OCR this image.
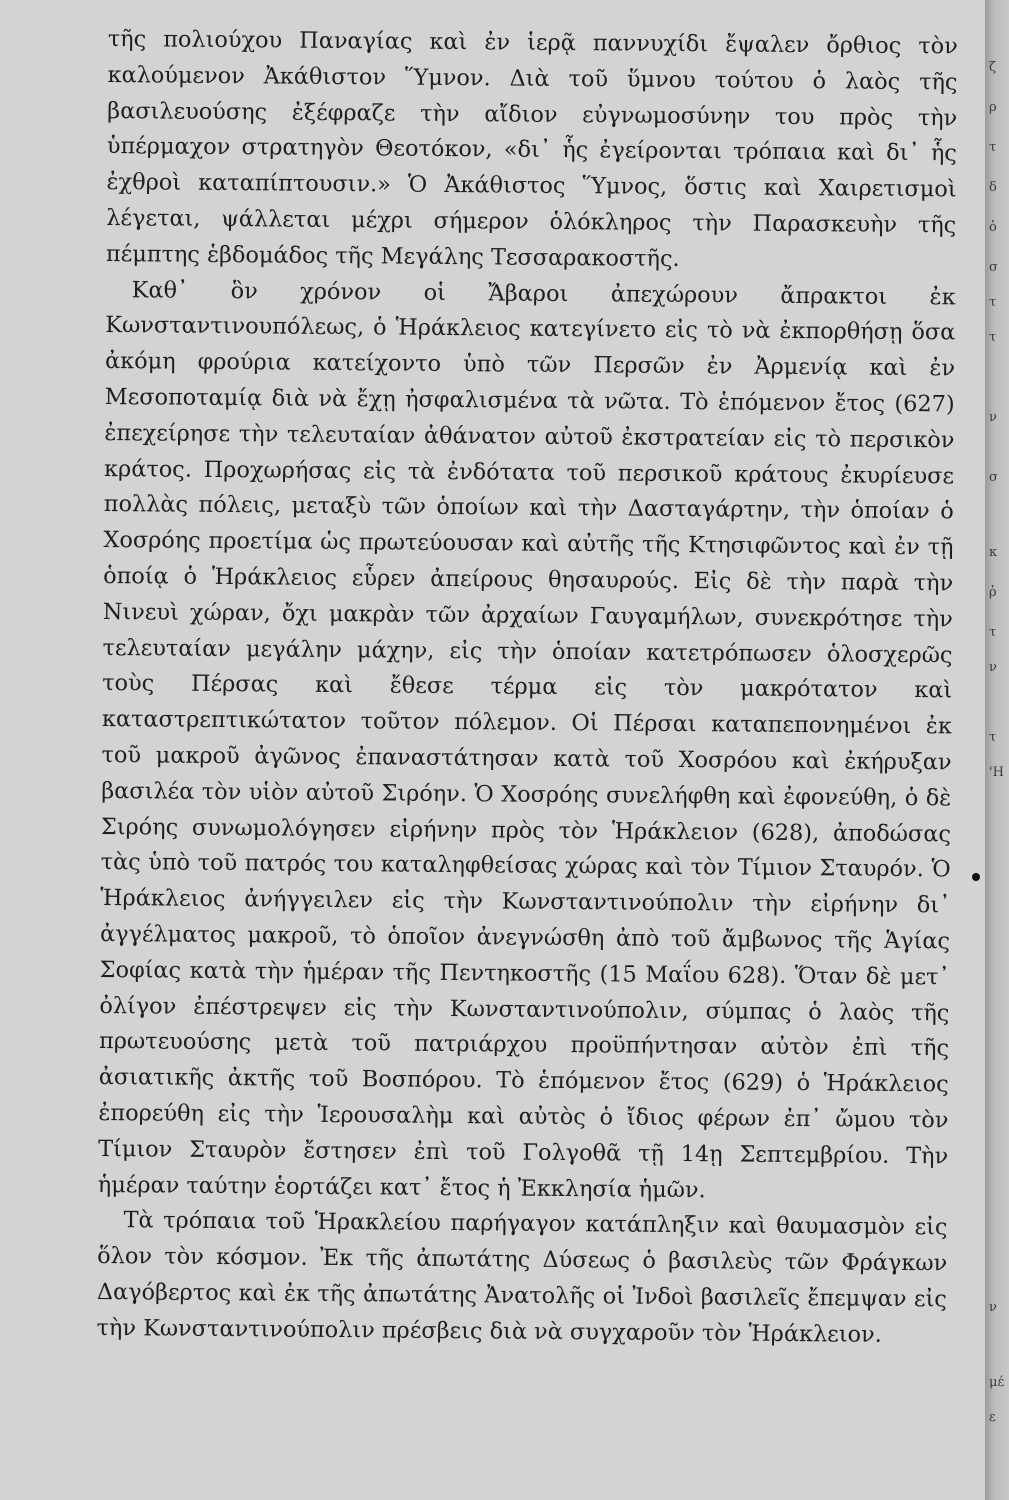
τῆς πολιούχου Παναγίας καὶ ἐν ἱερᾷ παννυχίδι ἔψαλεν ὄρθιος τὸν καλούμενον Ἀκάθιστον Ὕμνον. Διὰ τοῦ ὕμνου τούτου ὁ λαὸς τῆς βασιλευούσης ἐξέφραζε τὴν αἴδιον εὐγνωμοσύνην του πρὸς τὴν ὑπέρμαχον στρατηγὸν Θεοτόκον, «δι᾽ ἧς ἐγείρονται τρόπαια καὶ δι᾽ ἧς ἐχθροὶ καταπίπτουσιν.» Ὁ Ἀκάθιστος Ὕμνος, ὅστις καὶ Χαιρετισμοὶ λέγεται, ψάλλεται μέχρι σήμερον ὁλόκληρος τὴν Παρασκευὴν τῆς πέμπτης ἑβδομάδος τῆς Μεγάλης Τεσσαρακοστῆς.

Καθ᾽ ὃν χρόνον οἱ Ἄβαροι ἀπεχώρουν ἄπρακτοι ἐκ Κωνσταντινουπόλεως, ὁ Ἡράκλειος κατεγίνετο εἰς τὸ νὰ ἐκπορθήσῃ ὅσα ἀκόμη φρούρια κατείχοντο ὑπὸ τῶν Περσῶν ἐν Ἀρμενίᾳ καὶ ἐν Μεσοποταμίᾳ διὰ νὰ ἔχῃ ἠσφαλισμένα τὰ νῶτα. Τὸ ἑπόμενον ἔτος (627) ἐπεχείρησε τὴν τελευταίαν ἀθάνατον αὐτοῦ ἐκστρατείαν εἰς τὸ περσικὸν κράτος. Προχωρήσας εἰς τὰ ἐνδότατα τοῦ περσικοῦ κράτους ἐκυρίευσε πολλὰς πόλεις, μεταξὺ τῶν ὁποίων καὶ τὴν Δασταγάρτην, τὴν ὁποίαν ὁ Χοσρόης προετίμα ὡς πρωτεύουσαν καὶ αὐτῆς τῆς Κτησιφῶντος καὶ ἐν τῇ ὁποίᾳ ὁ Ἡράκλειος εὗρεν ἀπείρους θησαυρούς. Εἰς δὲ τὴν παρὰ τὴν Νινευὶ χώραν, ὄχι μακρὰν τῶν ἀρχαίων Γαυγαμήλων, συνεκρότησε τὴν τελευταίαν μεγάλην μάχην, εἰς τὴν ὁποίαν κατετρόπωσεν ὁλοσχερῶς τοὺς Πέρσας καὶ ἔθεσε τέρμα εἰς τὸν μακρότατον καὶ καταστρεπτικώτατον τοῦτον πόλεμον. Οἱ Πέρσαι καταπεπονημένοι ἐκ τοῦ μακροῦ ἀγῶνος ἐπαναστάτησαν κατὰ τοῦ Χοσρόου καὶ ἐκήρυξαν βασιλέα τὸν υἱὸν αὐτοῦ Σιρόην. Ὁ Χοσρόης συνελήφθη καὶ ἐφονεύθη, ὁ δὲ Σιρόης συνωμολόγησεν εἰρήνην πρὸς τὸν Ἡράκλειον (628), ἀποδώσας τὰς ὑπὸ τοῦ πατρός του καταληφθείσας χώρας καὶ τὸν Τίμιον Σταυρόν. Ὁ Ἡράκλειος ἀνήγγειλεν εἰς τὴν Κωνσταντινούπολιν τὴν εἰρήνην δι᾽ ἀγγέλματος μακροῦ, τὸ ὁποῖον ἀνεγνώσθη ἀπὸ τοῦ ἄμβωνος τῆς Ἁγίας Σοφίας κατὰ τὴν ἡμέραν τῆς Πεντηκοστῆς (15 Μαΐου 628). Ὅταν δὲ μετ᾽ ὀλίγον ἐπέστρεψεν εἰς τὴν Κωνσταντινούπολιν, σύμπας ὁ λαὸς τῆς πρωτευούσης μετὰ τοῦ πατριάρχου προϋπήντησαν αὐτὸν ἐπὶ τῆς ἀσιατικῆς ἀκτῆς τοῦ Βοσπόρου. Τὸ ἑπόμενον ἔτος (629) ὁ Ἡράκλειος ἐπορεύθη εἰς τὴν Ἱερουσαλὴμ καὶ αὐτὸς ὁ ἴδιος φέρων ἐπ᾽ ὤμου τὸν Τίμιον Σταυρὸν ἔστησεν ἐπὶ τοῦ Γολγοθᾶ τῇ 14ῃ Σεπτεμβρίου. Τὴν ἡμέραν ταύτην ἑορτάζει κατ᾽ ἔτος ἡ Ἐκκλησία ἡμῶν.

Τὰ τρόπαια τοῦ Ἡρακλείου παρήγαγον κατάπληξιν καὶ θαυμασμὸν εἰς ὅλον τὸν κόσμον. Ἐκ τῆς ἀπωτάτης Δύσεως ὁ βασιλεὺς τῶν Φράγκων Δαγόβερτος καὶ ἐκ τῆς ἀπωτάτης Ἀνατολῆς οἱ Ἰνδοὶ βασιλεῖς ἔπεμψαν εἰς τὴν Κωνσταντινούπολιν πρέσβεις διὰ νὰ συγχαροῦν τὸν Ἡράκλειον.

ζ
ρ
τ
δ
ὁ
σ
τ
τ
ν
σ
κ
ῥ
τ
ν
τ
'Η
ν
μέ
ε
